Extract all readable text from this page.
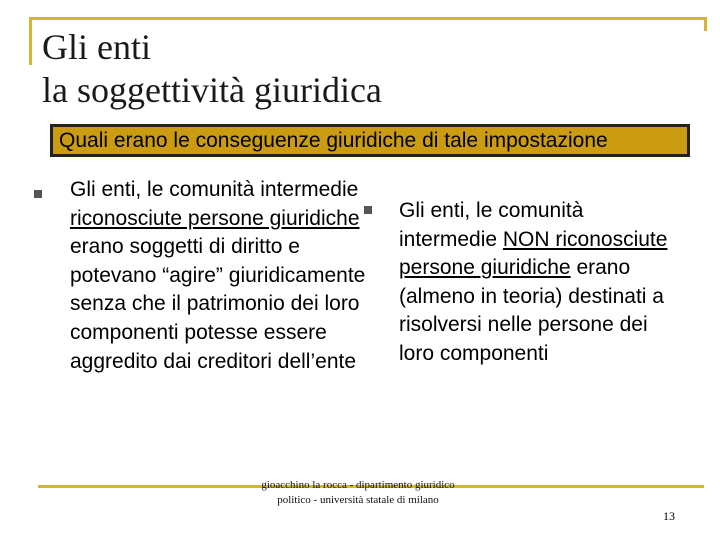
Gli enti
la soggettività giuridica
Quali erano le conseguenze giuridiche di tale impostazione
Gli enti, le comunità intermedie riconosciute persone giuridiche erano soggetti di diritto e potevano “agire” giuridicamente senza che il patrimonio dei loro componenti potesse essere aggredito dai creditori dell’ente
Gli enti, le comunità intermedie NON riconosciute persone giuridiche erano (almeno in teoria) destinati a risolversi nelle persone dei loro componenti
gioacchino la rocca - dipartimento giuridico politico - università statale di milano
13
